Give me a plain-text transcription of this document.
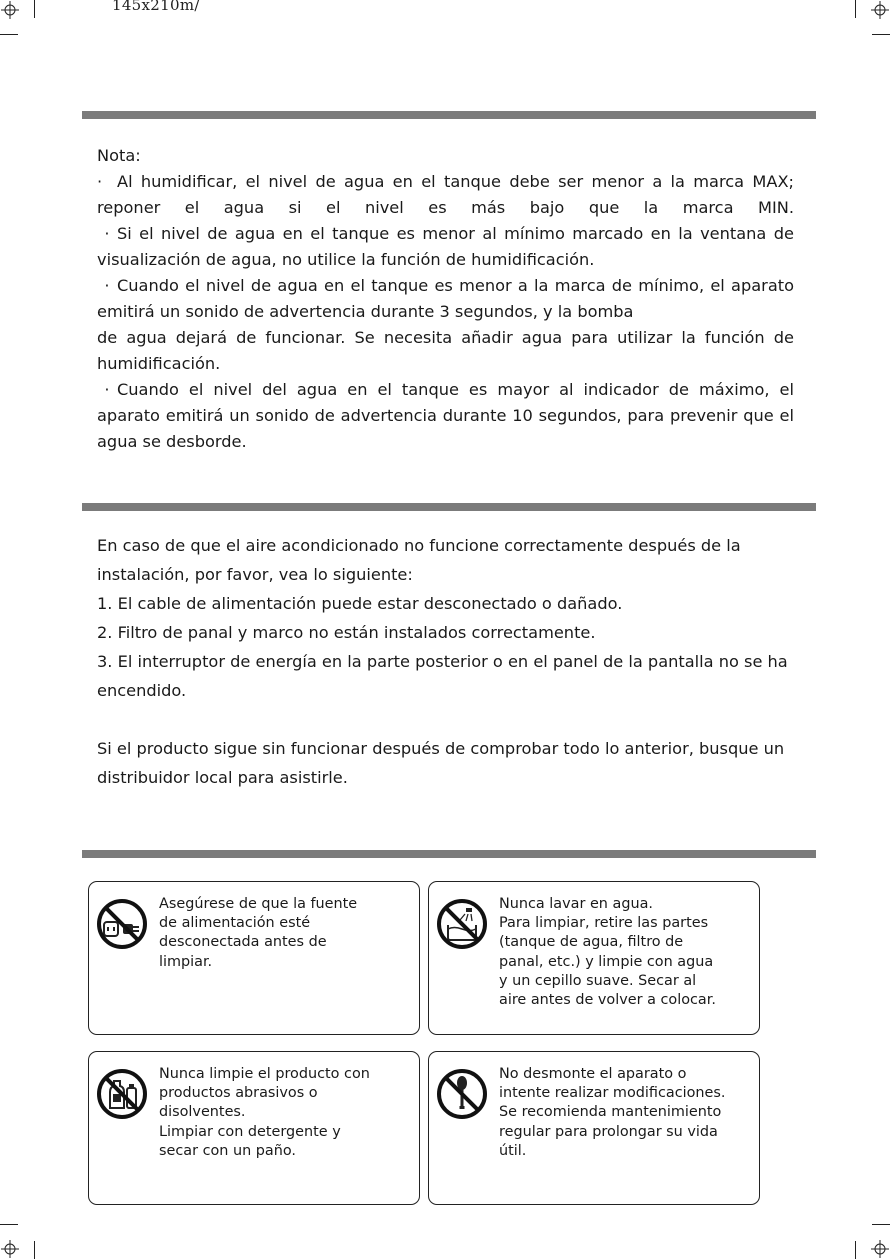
145x210m/
Nota:
· Al humidificar, el nivel de agua en el tanque debe ser menor a la marca MAX; reponer el agua si el nivel es más bajo que la marca MIN.
· Si el nivel de agua en el tanque es menor al mínimo marcado en la ventana de visualización de agua, no utilice la función de humidificación.
· Cuando el nivel de agua en el tanque es menor a la marca de mínimo, el aparato emitirá un sonido de advertencia durante 3 segundos, y la bomba
de agua dejará de funcionar. Se necesita añadir agua para utilizar la función de humidificación.
· Cuando el nivel del agua en el tanque es mayor al indicador de máximo, el aparato emitirá un sonido de advertencia durante 10 segundos, para prevenir que el agua se desborde.

En caso de que el aire acondicionado no funcione correctamente después de la instalación, por favor, vea lo siguiente:

1. El cable de alimentación puede estar desconectado o dañado.

2. Filtro de panal y marco no están instalados correctamente.

3. El interruptor de energía en la parte posterior o en el panel de la pantalla no se ha encendido.

Si el producto sigue sin funcionar después de comprobar todo lo anterior, busque un distribuidor local para asistirle.

Asegúrese de que la fuente
de alimentación esté
desconectada antes de
limpiar.
Nunca lavar en agua.
Para limpiar, retire las partes
(tanque de agua, filtro de
panal, etc.) y limpie con agua
y un cepillo suave. Secar al
aire antes de volver a colocar.
Nunca limpie el producto con
productos abrasivos o
disolventes.
Limpiar con detergente y
secar con un paño.
No desmonte el aparato o
intente realizar modificaciones.
Se recomienda mantenimiento
regular para prolongar su vida
útil.
